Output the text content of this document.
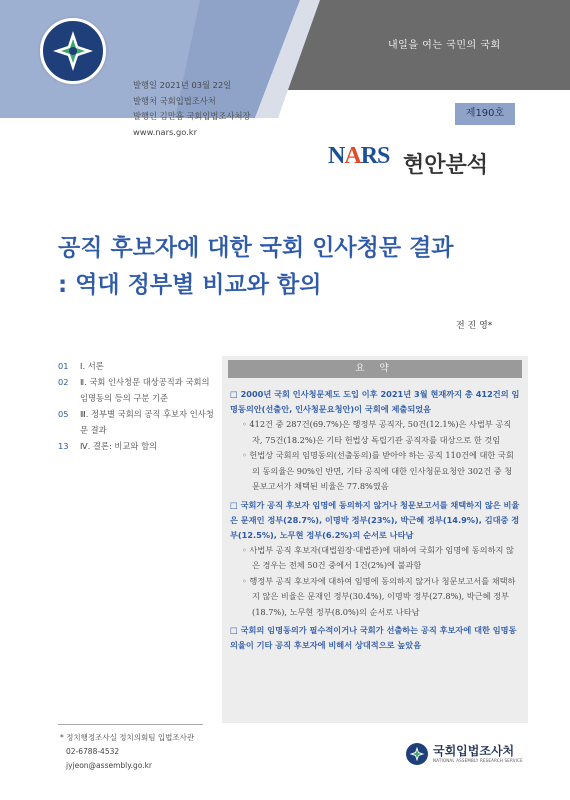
내일을 여는 국민의 국회
발행일 2021년 03월 22일
발행처 국회입법조사처
발행인 김만흠 국회입법조사처장
www.nars.go.kr
제190호
NARS 현안분석
공직 후보자에 대한 국회 인사청문 결과
: 역대 정부별 비교와 함의
전 진 영*
01	Ⅰ. 서론
02	Ⅱ. 국회 인사청문 대상공직과 국회의 임명동의 등의 구분 기준
05	Ⅲ. 정부별 국회의 공직 후보자 인사청문 결과
13	Ⅳ. 결론: 비교와 함의
요 약
□ 2000년 국회 인사청문제도 도입 이후 2021년 3월 현재까지 총 412건의 임명동의안(선출안, 인사청문요청안)이 국회에 제출되었음
◦ 412건 중 287건(69.7%)은 행정부 공직자, 50건(12.1%)은 사법부 공직자, 75건(18.2%)은 기타 헌법상 독립기관 공직자를 대상으로 한 것임
◦ 헌법상 국회의 임명동의(선출동의)를 받아야 하는 공직 110건에 대한 국회의 동의율은 90%인 반면, 기타 공직에 대한 인사청문요청안 302건 중 청문보고서가 채택된 비율은 77.8%였음
□ 국회가 공직 후보자 임명에 동의하지 않거나 청문보고서를 채택하지 않은 비율은 문재인 정부(28.7%), 이명박 정부(23%), 박근혜 정부(14.9%), 김대중 정부(12.5%), 노무현 정부(6.2%)의 순서로 나타남
◦ 사법부 공직 후보자(대법원장·대법관)에 대하여 국회가 임명에 동의하지 않은 경우는 전체 50건 중에서 1건(2%)에 불과함
◦ 행정부 공직 후보자에 대하여 임명에 동의하지 않거나 청문보고서를 채택하지 않은 비율은 문재인 정부(30.4%), 이명박 정부(27.8%), 박근혜 정부(18.7%), 노무현 정부(8.0%)의 순서로 나타남
□ 국회의 임명동의가 필수적이거나 국회가 선출하는 공직 후보자에 대한 임명동의율이 기타 공직 후보자에 비해서 상대적으로 높았음
* 정치행정조사실 정치의회팀 입법조사관
02-6788-4532
jyjeon@assembly.go.kr
국회입법조사처
NATIONAL ASSEMBLY RESEARCH SERVICE
